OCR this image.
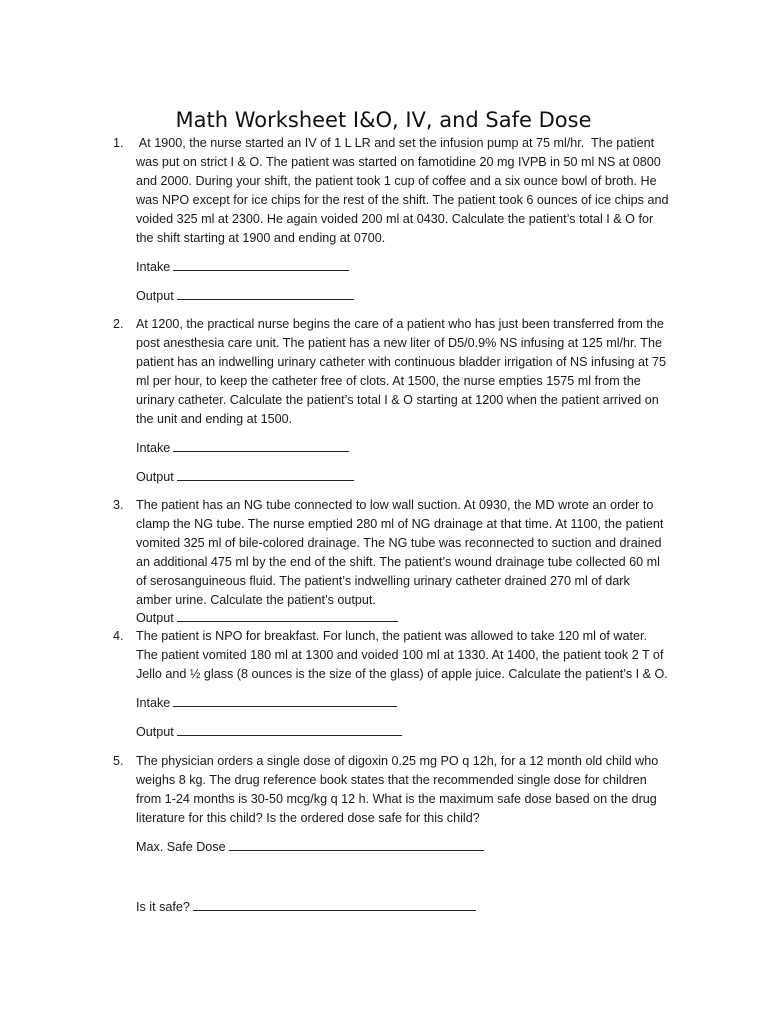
Math Worksheet I&O, IV, and Safe Dose
1. At 1900, the nurse started an IV of 1 L LR and set the infusion pump at 75 ml/hr.  The patient
was put on strict I & O. The patient was started on famotidine 20 mg IVPB in 50 ml NS at 0800
and 2000. During your shift, the patient took 1 cup of coffee and a six ounce bowl of broth. He
was NPO except for ice chips for the rest of the shift. The patient took 6 ounces of ice chips and
voided 325 ml at 2300. He again voided 200 ml at 0430. Calculate the patient’s total I & O for
the shift starting at 1900 and ending at 0700.
Intake
Output
2. At 1200, the practical nurse begins the care of a patient who has just been transferred from the
post anesthesia care unit. The patient has a new liter of D5/0.9% NS infusing at 125 ml/hr. The
patient has an indwelling urinary catheter with continuous bladder irrigation of NS infusing at 75
ml per hour, to keep the catheter free of clots. At 1500, the nurse empties 1575 ml from the
urinary catheter. Calculate the patient’s total I & O starting at 1200 when the patient arrived on
the unit and ending at 1500.
Intake
Output
3. The patient has an NG tube connected to low wall suction. At 0930, the MD wrote an order to
clamp the NG tube. The nurse emptied 280 ml of NG drainage at that time. At 1100, the patient
vomited 325 ml of bile-colored drainage. The NG tube was reconnected to suction and drained
an additional 475 ml by the end of the shift. The patient’s wound drainage tube collected 60 ml
of serosanguineous fluid. The patient’s indwelling urinary catheter drained 270 ml of dark
amber urine. Calculate the patient’s output.
Output
4. The patient is NPO for breakfast. For lunch, the patient was allowed to take 120 ml of water.
The patient vomited 180 ml at 1300 and voided 100 ml at 1330. At 1400, the patient took 2 T of
Jello and ½ glass (8 ounces is the size of the glass) of apple juice. Calculate the patient’s I & O.
Intake
Output
5. The physician orders a single dose of digoxin 0.25 mg PO q 12h, for a 12 month old child who
weighs 8 kg. The drug reference book states that the recommended single dose for children
from 1-24 months is 30-50 mcg/kg q 12 h. What is the maximum safe dose based on the drug
literature for this child? Is the ordered dose safe for this child?
Max. Safe Dose
Is it safe?
